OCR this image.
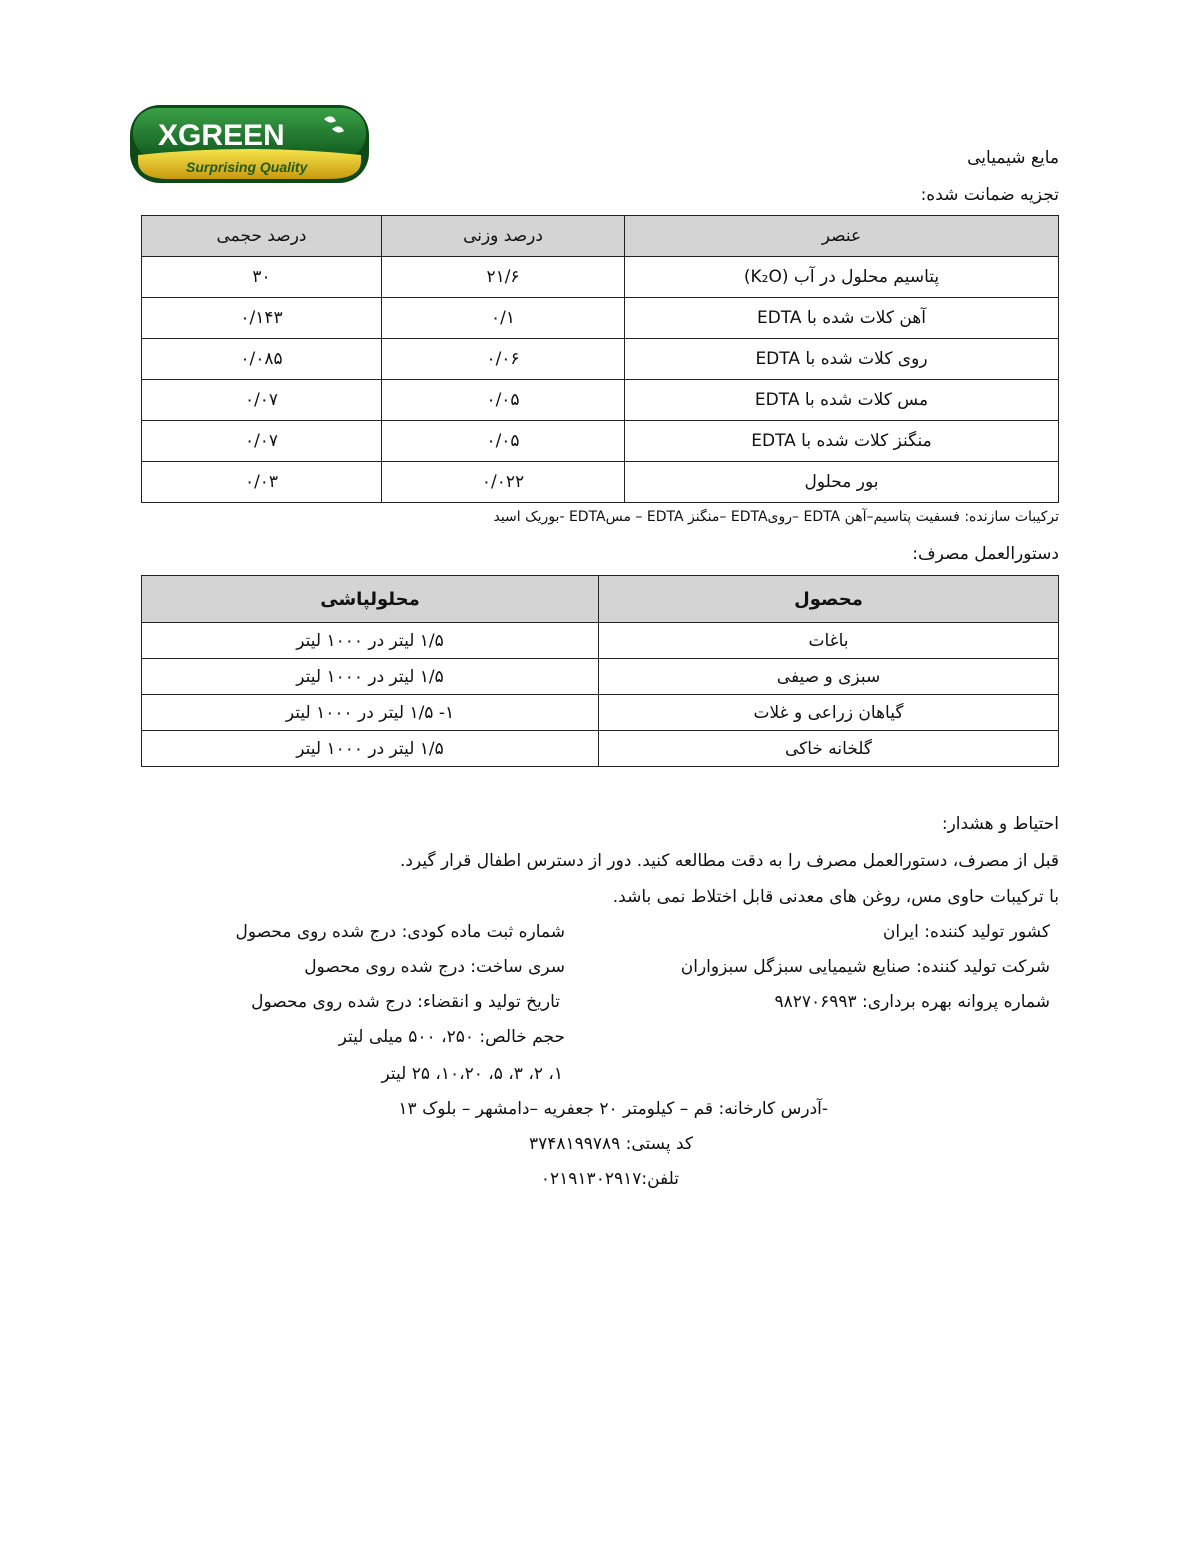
XGREEN
Surprising Quality	مایع شیمیایی
تجزیه ضمانت شده:
عنصر	درصد وزنی	درصد حجمی
پتاسیم محلول در آب (K₂O)	۲۱/۶	۳۰
آهن کلات شده با EDTA	۰/۱	۰/۱۴۳
روی کلات شده با EDTA	۰/۰۶	۰/۰۸۵
مس کلات شده با EDTA	۰/۰۵	۰/۰۷
منگنز کلات شده با EDTA	۰/۰۵	۰/۰۷
بور محلول	۰/۰۲۲	۰/۰۳
ترکیبات سازنده: فسفیت پتاسیم–آهن EDTA –رویEDTA –منگنز EDTA – مسEDTA -بوریک اسید
دستورالعمل مصرف:
محصول	محلولپاشی
باغات	۱/۵ لیتر در ۱۰۰۰ لیتر
سبزی و صیفی	۱/۵ لیتر در ۱۰۰۰ لیتر
گیاهان زراعی و غلات	۱- ۱/۵ لیتر در ۱۰۰۰ لیتر
گلخانه خاکی	۱/۵ لیتر در ۱۰۰۰ لیتر
احتیاط و هشدار:
قبل از مصرف، دستورالعمل مصرف را به دقت مطالعه کنید. دور از دسترس اطفال قرار گیرد.
با ترکیبات حاوی مس، روغن های معدنی قابل اختلاط نمی باشد.
کشور تولید کننده: ایران
شرکت تولید کننده: صنایع شیمیایی سبزگل سبزواران
شماره پروانه بهره برداری: ۹۸۲۷۰۶۹۹۳
شماره ثبت ماده کودی: درج شده روی محصول
سری ساخت: درج شده روی محصول
تاریخ تولید و انقضاء: درج شده روی محصول
حجم خالص: ۲۵۰، ۵۰۰ میلی لیتر
۱، ۲، ۳، ۵، ۱۰،۲۰، ۲۵ لیتر
-آدرس کارخانه: قم – کیلومتر ۲۰ جعفریه –دامشهر – بلوک ۱۳
کد پستی: ۳۷۴۸۱۹۹۷۸۹
تلفن:۰۲۱۹۱۳۰۲۹۱۷
